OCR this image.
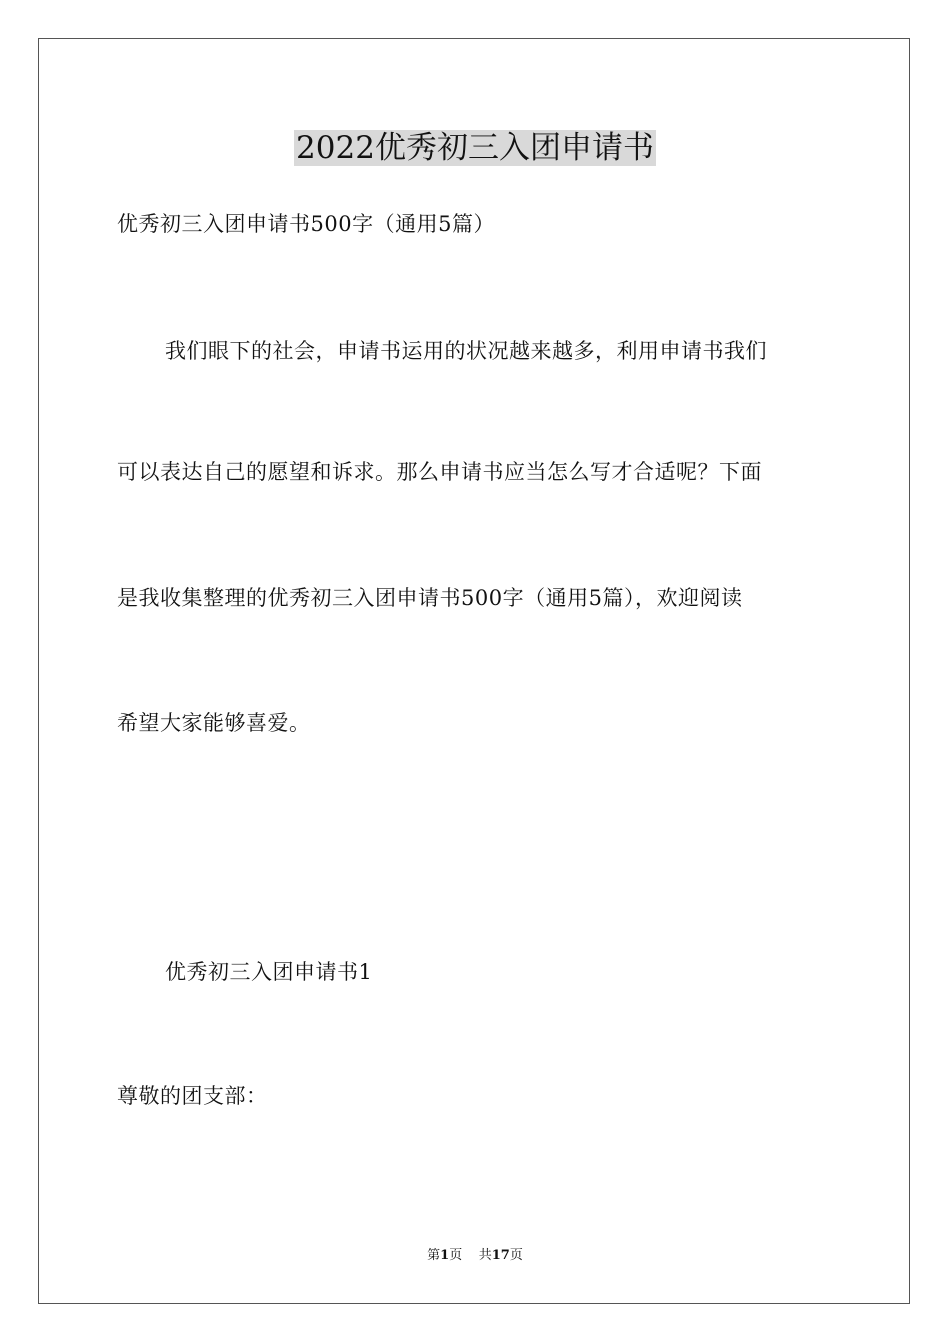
2022优秀初三入团申请书
优秀初三入团申请书500字（通用5篇）
我们眼下的社会，申请书运用的状况越来越多，利用申请书我们
可以表达自己的愿望和诉求。那么申请书应当怎么写才合适呢？下面
是我收集整理的优秀初三入团申请书500字（通用5篇），欢迎阅读
希望大家能够喜爱。
优秀初三入团申请书1
尊敬的团支部：
第1页 共17页
